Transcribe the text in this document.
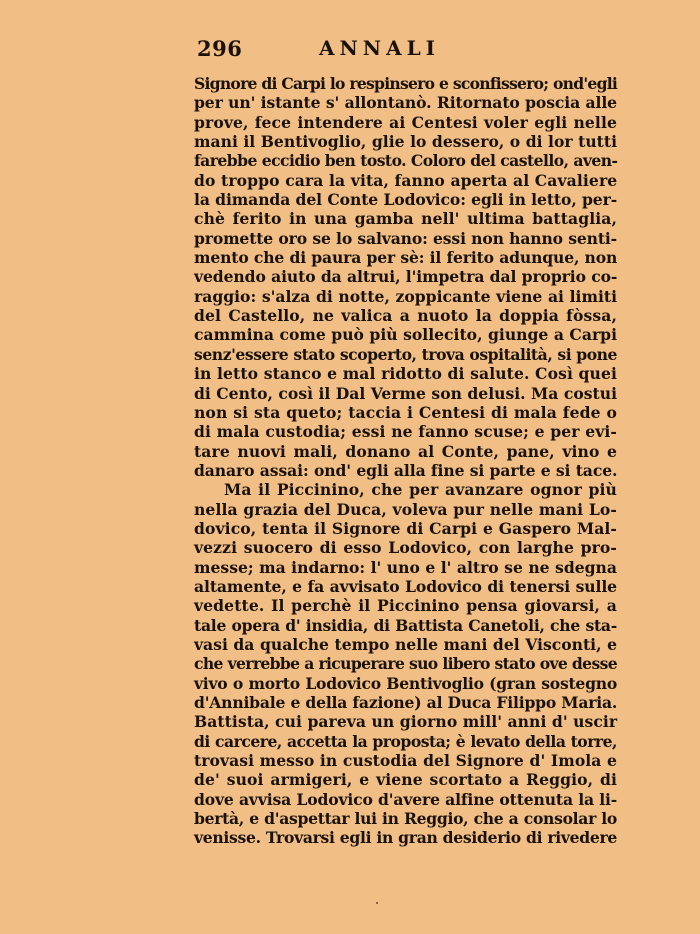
296	ANNALI
Signore di Carpi lo respinsero e sconfissero; ond'egli
per un' istante s' allontanò. Ritornato poscia alle
prove, fece intendere ai Centesi voler egli nelle
mani il Bentivoglio, glie lo dessero, o di lor tutti
farebbe eccidio ben tosto. Coloro del castello, aven-
do troppo cara la vita, fanno aperta al Cavaliere
la dimanda del Conte Lodovico: egli in letto, per-
chè ferito in una gamba nell' ultima battaglia,
promette oro se lo salvano: essi non hanno senti-
mento che di paura per sè: il ferito adunque, non
vedendo aiuto da altrui, l'impetra dal proprio co-
raggio: s'alza di notte, zoppicante viene ai limiti
del Castello, ne valica a nuoto la doppia fòssa,
cammina come può più sollecito, giunge a Carpi
senz'essere stato scoperto, trova ospitalità, si pone
in letto stanco e mal ridotto di salute. Così quei
di Cento, così il Dal Verme son delusi. Ma costui
non si sta queto; taccia i Centesi di mala fede o
di mala custodia; essi ne fanno scuse; e per evi-
tare nuovi mali, donano al Conte, pane, vino e
danaro assai: ond' egli alla fine si parte e si tace.
Ma il Piccinino, che per avanzare ognor più
nella grazia del Duca, voleva pur nelle mani Lo-
dovico, tenta il Signore di Carpi e Gaspero Mal-
vezzi suocero di esso Lodovico, con larghe pro-
messe; ma indarno: l' uno e l' altro se ne sdegna
altamente, e fa avvisato Lodovico di tenersi sulle
vedette. Il perchè il Piccinino pensa giovarsi, a
tale opera d' insidia, di Battista Canetoli, che sta-
vasi da qualche tempo nelle mani del Visconti, e
che verrebbe a ricuperare suo libero stato ove desse
vivo o morto Lodovico Bentivoglio (gran sostegno
d'Annibale e della fazione) al Duca Filippo Maria.
Battista, cui pareva un giorno mill' anni d' uscir
di carcere, accetta la proposta; è levato della torre,
trovasi messo in custodia del Signore d' Imola e
de' suoi armigeri, e viene scortato a Reggio, di
dove avvisa Lodovico d'avere alfine ottenuta la li-
bertà, e d'aspettar lui in Reggio, che a consolar lo
venisse. Trovarsi egli in gran desiderio di rivedere
